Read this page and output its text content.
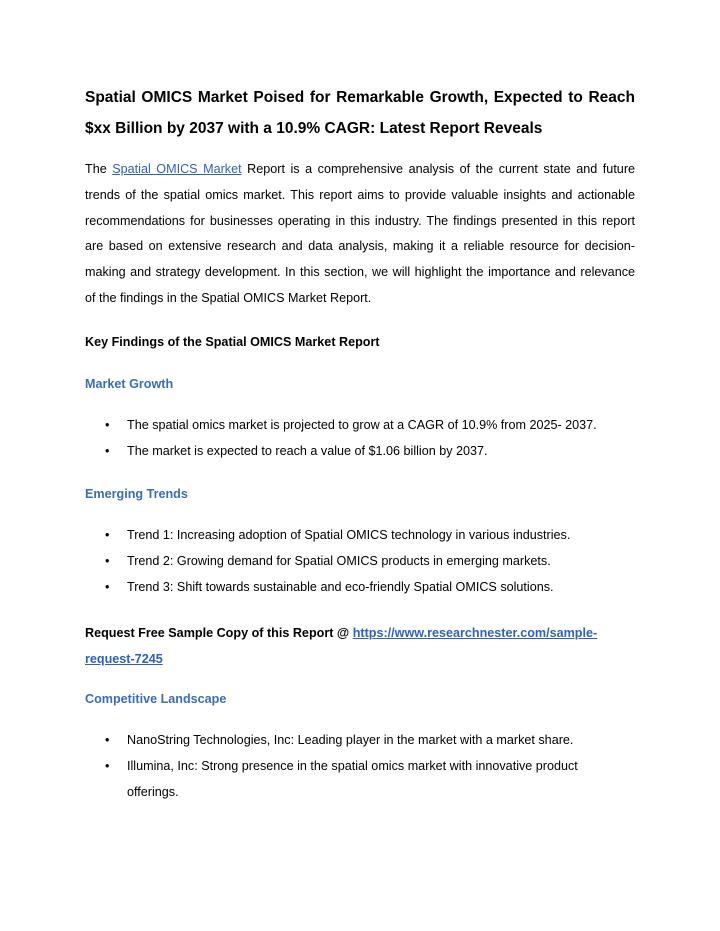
Spatial OMICS Market Poised for Remarkable Growth, Expected to Reach $xx Billion by 2037 with a 10.9% CAGR: Latest Report Reveals

The Spatial OMICS Market Report is a comprehensive analysis of the current state and future trends of the spatial omics market. This report aims to provide valuable insights and actionable recommendations for businesses operating in this industry. The findings presented in this report are based on extensive research and data analysis, making it a reliable resource for decision-making and strategy development. In this section, we will highlight the importance and relevance of the findings in the Spatial OMICS Market Report.

Key Findings of the Spatial OMICS Market Report
Market Growth
• The spatial omics market is projected to grow at a CAGR of 10.9% from 2025- 2037.
• The market is expected to reach a value of $1.06 billion by 2037.
Emerging Trends
• Trend 1: Increasing adoption of Spatial OMICS technology in various industries.
• Trend 2: Growing demand for Spatial OMICS products in emerging markets.
• Trend 3: Shift towards sustainable and eco-friendly Spatial OMICS solutions.

Request Free Sample Copy of this Report @ https://www.researchnester.com/sample-request-7245

Competitive Landscape
• NanoString Technologies, Inc: Leading player in the market with a market share.
• Illumina, Inc: Strong presence in the spatial omics market with innovative product offerings.
